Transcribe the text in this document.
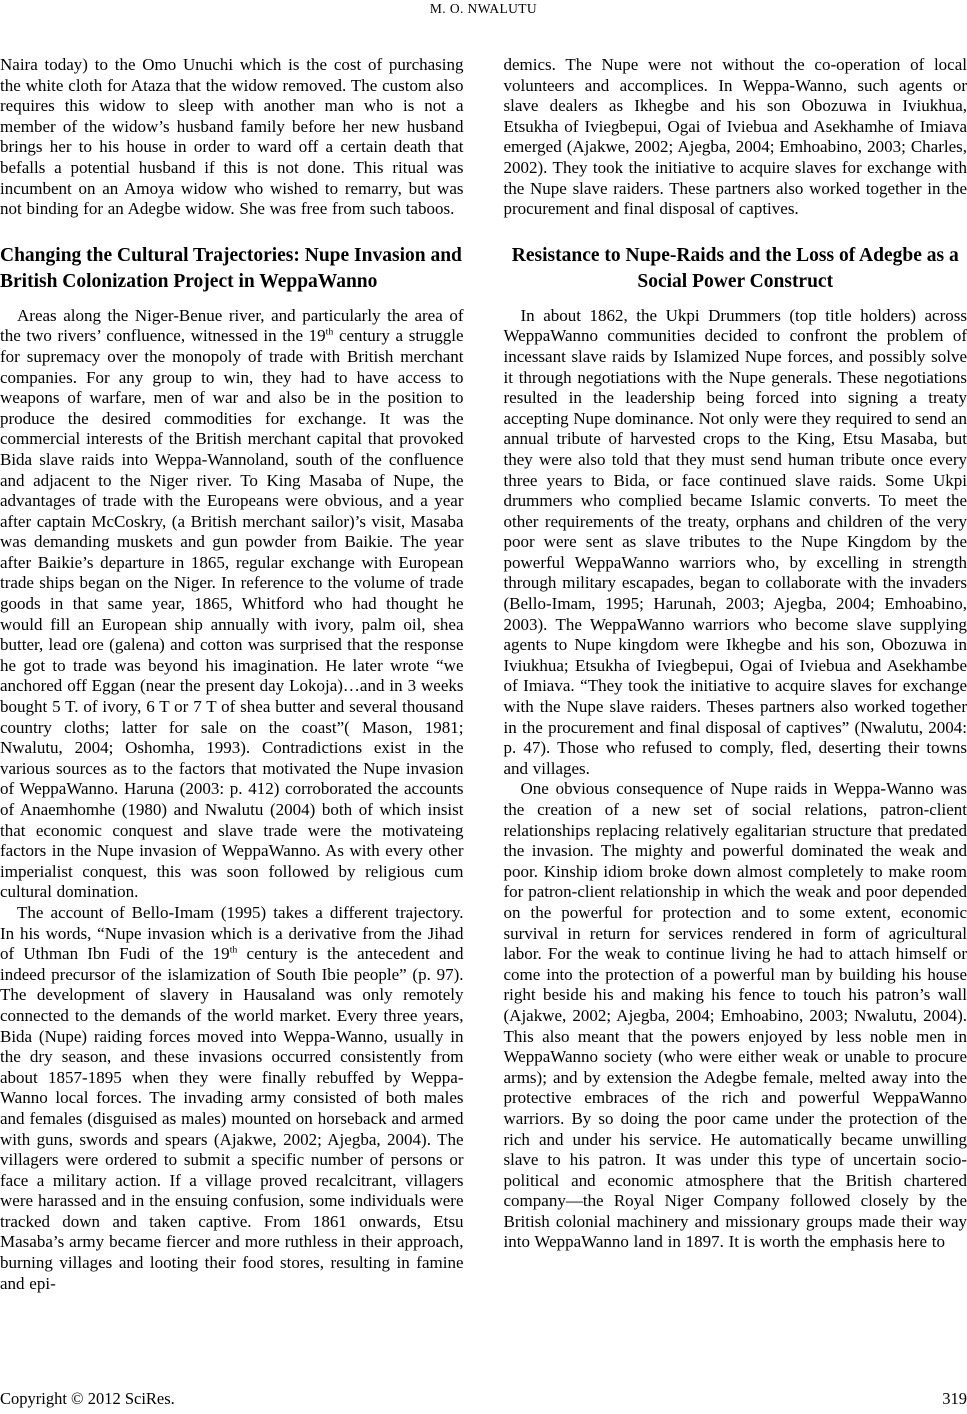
M. O. NWALUTU

Naira today) to the Omo Unuchi which is the cost of purchasing the white cloth for Ataza that the widow removed. The custom also requires this widow to sleep with another man who is not a member of the widow’s husband family before her new husband brings her to his house in order to ward off a certain death that befalls a potential husband if this is not done. This ritual was incumbent on an Amoya widow who wished to remarry, but was not binding for an Adegbe widow. She was free from such taboos.

Changing the Cultural Trajectories: Nupe Invasion and British Colonization Project in WeppaWanno

Areas along the Niger-Benue river, and particularly the area of the two rivers’ confluence, witnessed in the 19th century a struggle for supremacy over the monopoly of trade with British merchant companies. For any group to win, they had to have access to weapons of warfare, men of war and also be in the position to produce the desired commodities for exchange. It was the commercial interests of the British merchant capital that provoked Bida slave raids into Weppa-Wannoland, south of the confluence and adjacent to the Niger river. To King Masaba of Nupe, the advantages of trade with the Europeans were obvious, and a year after captain McCoskry, (a British merchant sailor)’s visit, Masaba was demanding muskets and gun powder from Baikie. The year after Baikie’s departure in 1865, regular exchange with European trade ships began on the Niger. In reference to the volume of trade goods in that same year, 1865, Whitford who had thought he would fill an European ship annually with ivory, palm oil, shea butter, lead ore (galena) and cotton was surprised that the response he got to trade was beyond his imagination. He later wrote “we anchored off Eggan (near the present day Lokoja)…and in 3 weeks bought 5 T. of ivory, 6 T or 7 T of shea butter and several thousand country cloths; latter for sale on the coast”( Mason, 1981; Nwalutu, 2004; Oshomha, 1993). Contradictions exist in the various sources as to the factors that motivated the Nupe invasion of WeppaWanno. Haruna (2003: p. 412) corroborated the accounts of Anaemhomhe (1980) and Nwalutu (2004) both of which insist that economic conquest and slave trade were the motivateing factors in the Nupe invasion of WeppaWanno. As with every other imperialist conquest, this was soon followed by religious cum cultural domination.

The account of Bello-Imam (1995) takes a different trajectory. In his words, “Nupe invasion which is a derivative from the Jihad of Uthman Ibn Fudi of the 19th century is the antecedent and indeed precursor of the islamization of South Ibie people” (p. 97). The development of slavery in Hausaland was only remotely connected to the demands of the world market. Every three years, Bida (Nupe) raiding forces moved into Weppa-Wanno, usually in the dry season, and these invasions occurred consistently from about 1857-1895 when they were finally rebuffed by Weppa-Wanno local forces. The invading army consisted of both males and females (disguised as males) mounted on horseback and armed with guns, swords and spears (Ajakwe, 2002; Ajegba, 2004). The villagers were ordered to submit a specific number of persons or face a military action. If a village proved recalcitrant, villagers were harassed and in the ensuing confusion, some individuals were tracked down and taken captive. From 1861 onwards, Etsu Masaba’s army became fiercer and more ruthless in their approach, burning villages and looting their food stores, resulting in famine and epi-

demics. The Nupe were not without the co-operation of local volunteers and accomplices. In Weppa-Wanno, such agents or slave dealers as Ikhegbe and his son Obozuwa in Iviukhua, Etsukha of Iviegbepui, Ogai of Iviebua and Asekhamhe of Imiava emerged (Ajakwe, 2002; Ajegba, 2004; Emhoabino, 2003; Charles, 2002). They took the initiative to acquire slaves for exchange with the Nupe slave raiders. These partners also worked together in the procurement and final disposal of captives.

Resistance to Nupe-Raids and the Loss of Adegbe as a Social Power Construct

In about 1862, the Ukpi Drummers (top title holders) across WeppaWanno communities decided to confront the problem of incessant slave raids by Islamized Nupe forces, and possibly solve it through negotiations with the Nupe generals. These negotiations resulted in the leadership being forced into signing a treaty accepting Nupe dominance. Not only were they required to send an annual tribute of harvested crops to the King, Etsu Masaba, but they were also told that they must send human tribute once every three years to Bida, or face continued slave raids. Some Ukpi drummers who complied became Islamic converts. To meet the other requirements of the treaty, orphans and children of the very poor were sent as slave tributes to the Nupe Kingdom by the powerful WeppaWanno warriors who, by excelling in strength through military escapades, began to collaborate with the invaders (Bello-Imam, 1995; Harunah, 2003; Ajegba, 2004; Emhoabino, 2003). The WeppaWanno warriors who become slave supplying agents to Nupe kingdom were Ikhegbe and his son, Obozuwa in Iviukhua; Etsukha of Iviegbepui, Ogai of Iviebua and Asekhambe of Imiava. “They took the initiative to acquire slaves for exchange with the Nupe slave raiders. Theses partners also worked together in the procurement and final disposal of captives” (Nwalutu, 2004: p. 47). Those who refused to comply, fled, deserting their towns and villages.

One obvious consequence of Nupe raids in Weppa-Wanno was the creation of a new set of social relations, patron-client relationships replacing relatively egalitarian structure that predated the invasion. The mighty and powerful dominated the weak and poor. Kinship idiom broke down almost completely to make room for patron-client relationship in which the weak and poor depended on the powerful for protection and to some extent, economic survival in return for services rendered in form of agricultural labor. For the weak to continue living he had to attach himself or come into the protection of a powerful man by building his house right beside his and making his fence to touch his patron’s wall (Ajakwe, 2002; Ajegba, 2004; Emhoabino, 2003; Nwalutu, 2004). This also meant that the powers enjoyed by less noble men in WeppaWanno society (who were either weak or unable to procure arms); and by extension the Adegbe female, melted away into the protective embraces of the rich and powerful WeppaWanno warriors. By so doing the poor came under the protection of the rich and under his service. He automatically became unwilling slave to his patron. It was under this type of uncertain socio-political and economic atmosphere that the British chartered company—the Royal Niger Company followed closely by the British colonial machinery and missionary groups made their way into WeppaWanno land in 1897. It is worth the emphasis here to

Copyright © 2012 SciRes.	319
